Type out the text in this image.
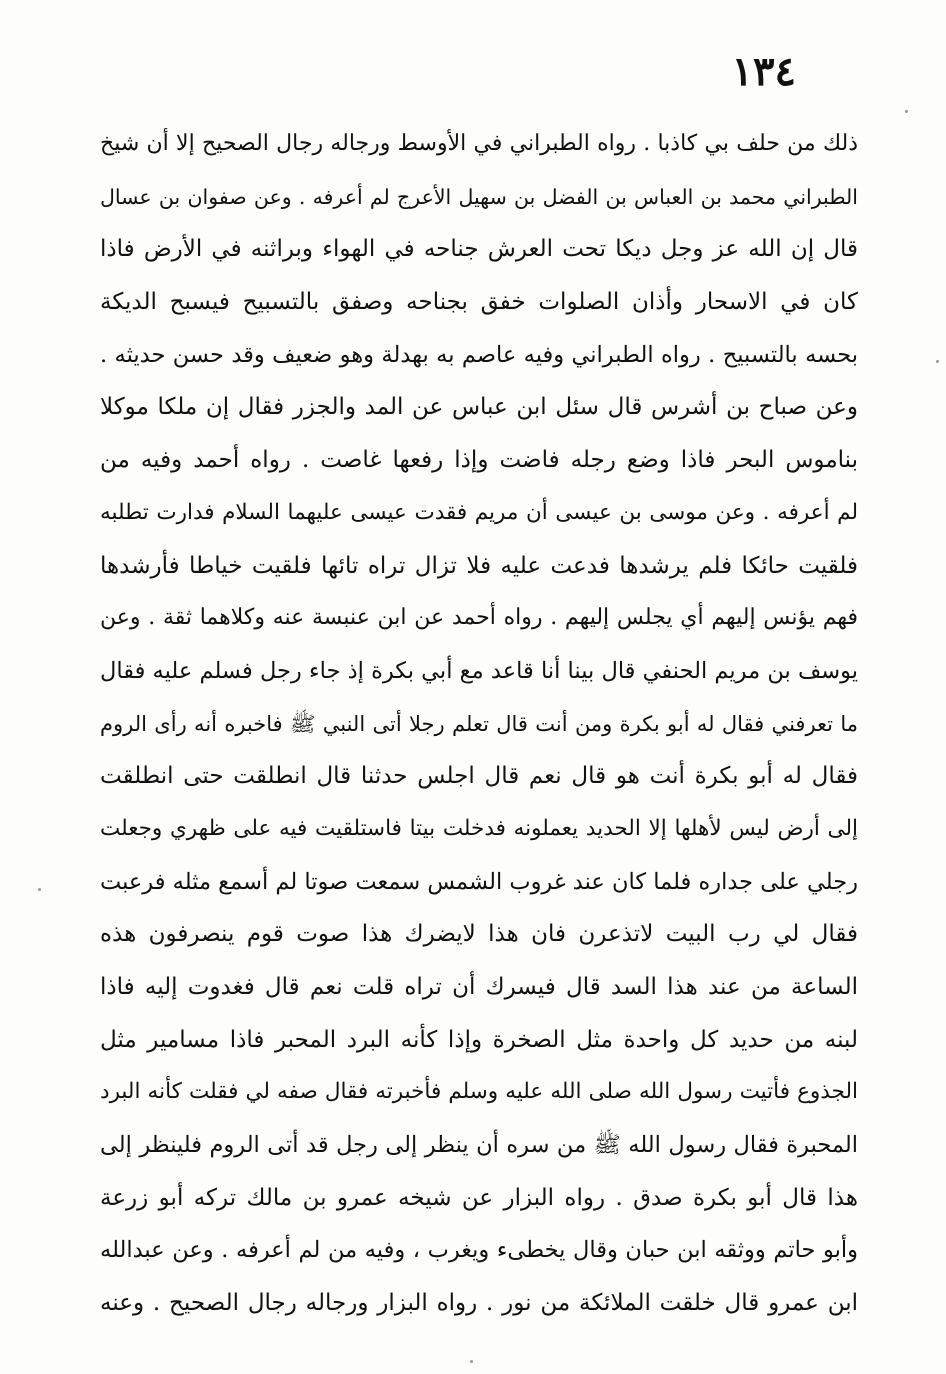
١٣٤
ذلك من حلف بي كاذبا . رواه الطبراني في الأوسط ورجاله رجال الصحيح إلا أن شيخ
الطبراني محمد بن العباس بن الفضل بن سهيل الأعرج لم أعرفه . وعن صفوان بن عسال
قال إن الله عز وجل ديكا تحت العرش جناحه في الهواء وبراثنه في الأرض فاذا
كان في الاسحار وأذان الصلوات خفق بجناحه وصفق بالتسبيح فيسبح الديكة
بحسه بالتسبيح . رواه الطبراني وفيه عاصم به بهدلة وهو ضعيف وقد حسن حديثه .
وعن صباح بن أشرس قال سئل ابن عباس عن المد والجزر فقال إن ملكا موكلا
بناموس البحر فاذا وضع رجله فاضت وإذا رفعها غاصت . رواه أحمد وفيه من
لم أعرفه . وعن موسى بن عيسى أن مريم فقدت عيسى عليهما السلام فدارت تطلبه
فلقيت حائكا فلم يرشدها فدعت عليه فلا تزال تراه تائها فلقيت خياطا فأرشدها
فهم يؤنس إليهم أي يجلس إليهم . رواه أحمد عن ابن عنبسة عنه وكلاهما ثقة . وعن
يوسف بن مريم الحنفي قال بينا أنا قاعد مع أبي بكرة إذ جاء رجل فسلم عليه فقال
ما تعرفني فقال له أبو بكرة ومن أنت قال تعلم رجلا أتى النبي ﷺ فاخبره أنه رأى الروم
فقال له أبو بكرة أنت هو قال نعم قال اجلس حدثنا قال انطلقت حتى انطلقت
إلى أرض ليس لأهلها إلا الحديد يعملونه فدخلت بيتا فاستلقيت فيه على ظهري وجعلت
رجلي على جداره فلما كان عند غروب الشمس سمعت صوتا لم أسمع مثله فرعبت
فقال لي رب البيت لاتذعرن فان هذا لايضرك هذا صوت قوم ينصرفون هذه
الساعة من عند هذا السد قال فيسرك أن تراه قلت نعم قال فغدوت إليه فاذا
لبنه من حديد كل واحدة مثل الصخرة وإذا كأنه البرد المحبر فاذا مسامير مثل
الجذوع فأتيت رسول الله صلى الله عليه وسلم فأخبرته فقال صفه لي فقلت كأنه البرد
المحبرة فقال رسول الله ﷺ من سره أن ينظر إلى رجل قد أتى الروم فلينظر إلى
هذا قال أبو بكرة صدق . رواه البزار عن شيخه عمرو بن مالك تركه أبو زرعة
وأبو حاتم ووثقه ابن حبان وقال يخطىء ويغرب ، وفيه من لم أعرفه . وعن عبدالله
ابن عمرو قال خلقت الملائكة من نور . رواه البزار ورجاله رجال الصحيح . وعنه
